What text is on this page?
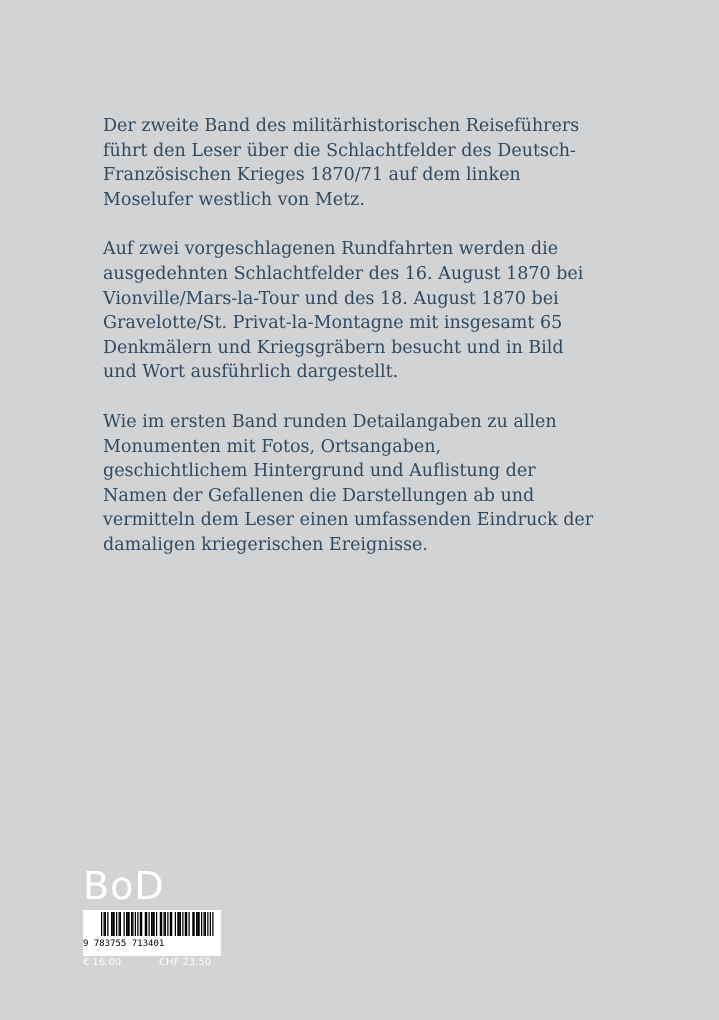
Der zweite Band des militärhistorischen Reiseführers
führt den Leser über die Schlachtfelder des Deutsch-
Französischen Krieges 1870/71 auf dem linken
Moselufer westlich von Metz.

Auf zwei vorgeschlagenen Rundfahrten werden die
ausgedehnten Schlachtfelder des 16. August 1870 bei
Vionville/Mars-la-Tour und des 18. August 1870 bei
Gravelotte/St. Privat-la-Montagne mit insgesamt 65
Denkmälern und Kriegsgräbern besucht und in Bild
und Wort ausführlich dargestellt.

Wie im ersten Band runden Detailangaben zu allen
Monumenten mit Fotos, Ortsangaben,
geschichtlichem Hintergrund und Auflistung der
Namen der Gefallenen die Darstellungen ab und
vermitteln dem Leser einen umfassenden Eindruck der
damaligen kriegerischen Ereignisse.

BoD
9 783755 713401
€ 16.00	CHF 23.50
